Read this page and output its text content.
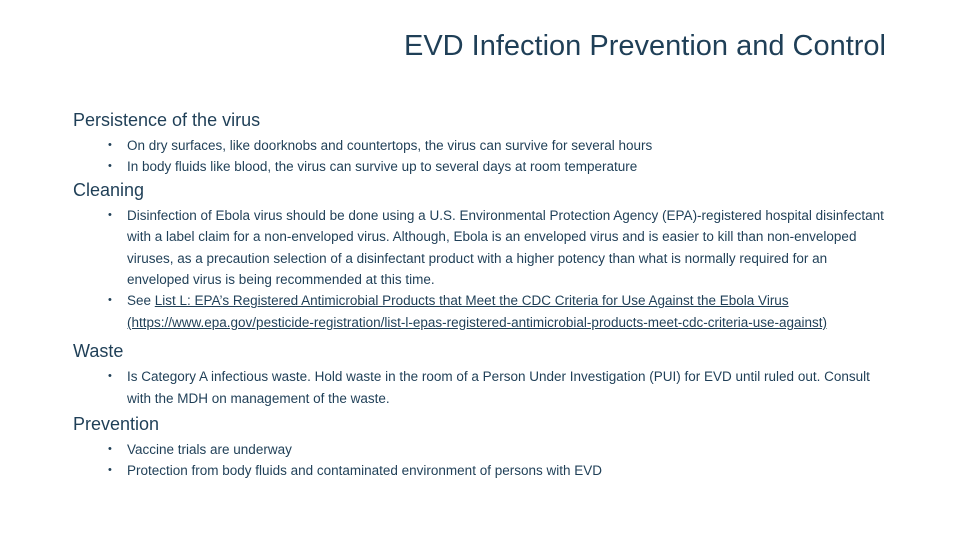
EVD Infection Prevention and Control
Persistence of the virus
• On dry surfaces, like doorknobs and countertops, the virus can survive for several hours
• In body fluids like blood, the virus can survive up to several days at room temperature
Cleaning
• Disinfection of Ebola virus should be done using a U.S. Environmental Protection Agency (EPA)-registered hospital disinfectant with a label claim for a non-enveloped virus. Although, Ebola is an enveloped virus and is easier to kill than non-enveloped viruses, as a precaution selection of a disinfectant product with a higher potency than what is normally required for an enveloped virus is being recommended at this time.
• See List L: EPA’s Registered Antimicrobial Products that Meet the CDC Criteria for Use Against the Ebola Virus (https://www.epa.gov/pesticide-registration/list-l-epas-registered-antimicrobial-products-meet-cdc-criteria-use-against)
Waste
• Is Category A infectious waste. Hold waste in the room of a Person Under Investigation (PUI) for EVD until ruled out. Consult with the MDH on management of the waste.
Prevention
• Vaccine trials are underway
• Protection from body fluids and contaminated environment of persons with EVD
